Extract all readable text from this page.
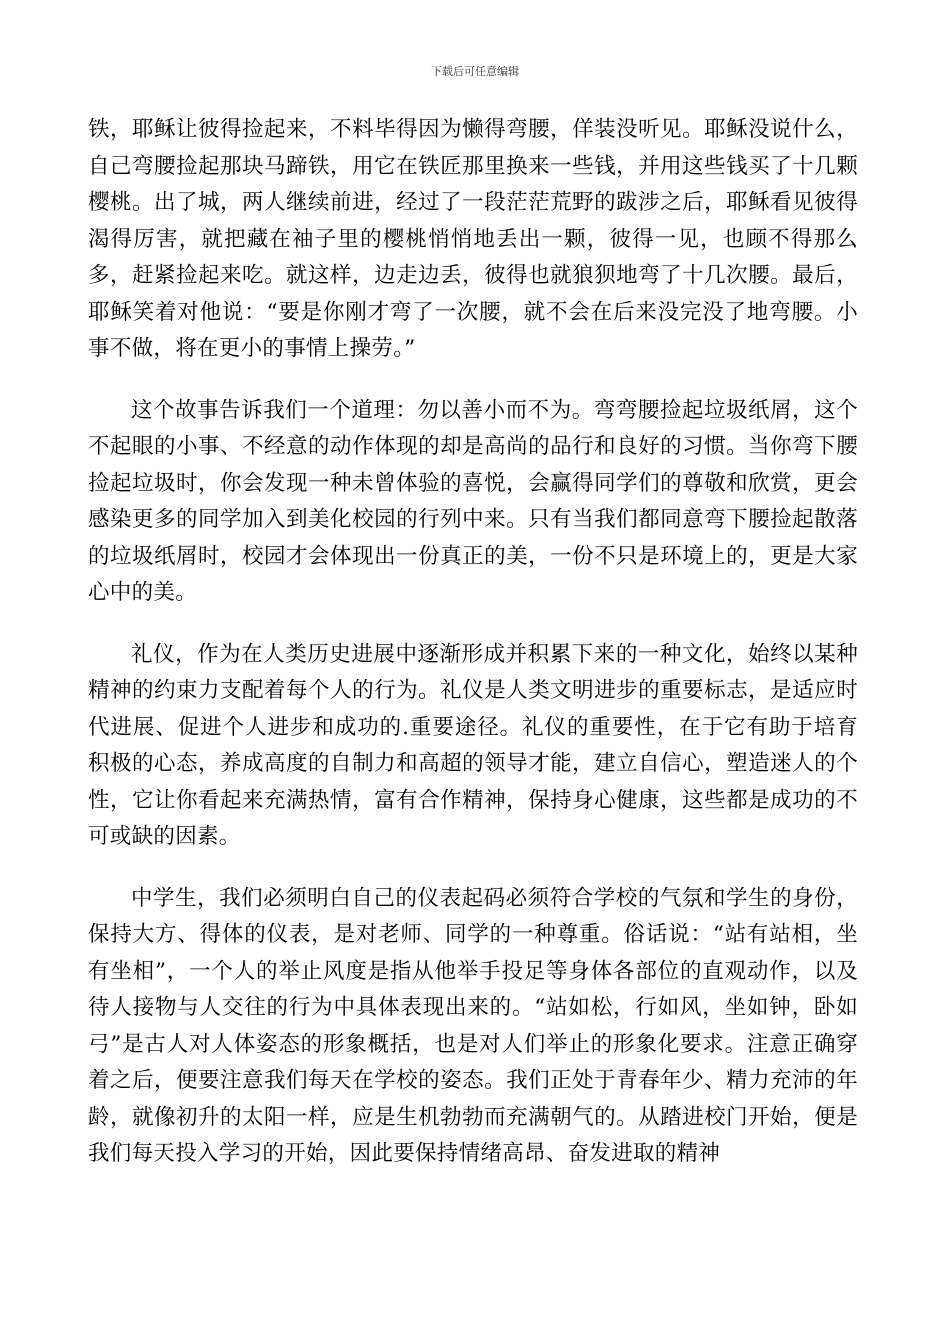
下载后可任意编辑

铁，耶稣让彼得捡起来，不料毕得因为懒得弯腰，佯装没听见。耶稣没说什么，自己弯腰捡起那块马蹄铁，用它在铁匠那里换来一些钱，并用这些钱买了十几颗樱桃。出了城，两人继续前进，经过了一段茫茫荒野的跋涉之后，耶稣看见彼得渴得厉害，就把藏在袖子里的樱桃悄悄地丢出一颗，彼得一见，也顾不得那么多，赶紧捡起来吃。就这样，边走边丢，彼得也就狼狈地弯了十几次腰。最后，耶稣笑着对他说：“要是你刚才弯了一次腰，就不会在后来没完没了地弯腰。小事不做，将在更小的事情上操劳。”

这个故事告诉我们一个道理：勿以善小而不为。弯弯腰捡起垃圾纸屑，这个不起眼的小事、不经意的动作体现的却是高尚的品行和良好的习惯。当你弯下腰捡起垃圾时，你会发现一种未曾体验的喜悦，会赢得同学们的尊敬和欣赏，更会感染更多的同学加入到美化校园的行列中来。只有当我们都同意弯下腰捡起散落的垃圾纸屑时，校园才会体现出一份真正的美，一份不只是环境上的，更是大家心中的美。

礼仪，作为在人类历史进展中逐渐形成并积累下来的一种文化，始终以某种精神的约束力支配着每个人的行为。礼仪是人类文明进步的重要标志，是适应时代进展、促进个人进步和成功的.重要途径。礼仪的重要性，在于它有助于培育积极的心态，养成高度的自制力和高超的领导才能，建立自信心，塑造迷人的个性，它让你看起来充满热情，富有合作精神，保持身心健康，这些都是成功的不可或缺的因素。

中学生，我们必须明白自己的仪表起码必须符合学校的气氛和学生的身份，保持大方、得体的仪表，是对老师、同学的一种尊重。俗话说：“站有站相，坐有坐相”，一个人的举止风度是指从他举手投足等身体各部位的直观动作，以及待人接物与人交往的行为中具体表现出来的。“站如松，行如风，坐如钟，卧如弓”是古人对人体姿态的形象概括，也是对人们举止的形象化要求。注意正确穿着之后，便要注意我们每天在学校的姿态。我们正处于青春年少、精力充沛的年龄，就像初升的太阳一样，应是生机勃勃而充满朝气的。从踏进校门开始，便是我们每天投入学习的开始，因此要保持情绪高昂、奋发进取的精神
